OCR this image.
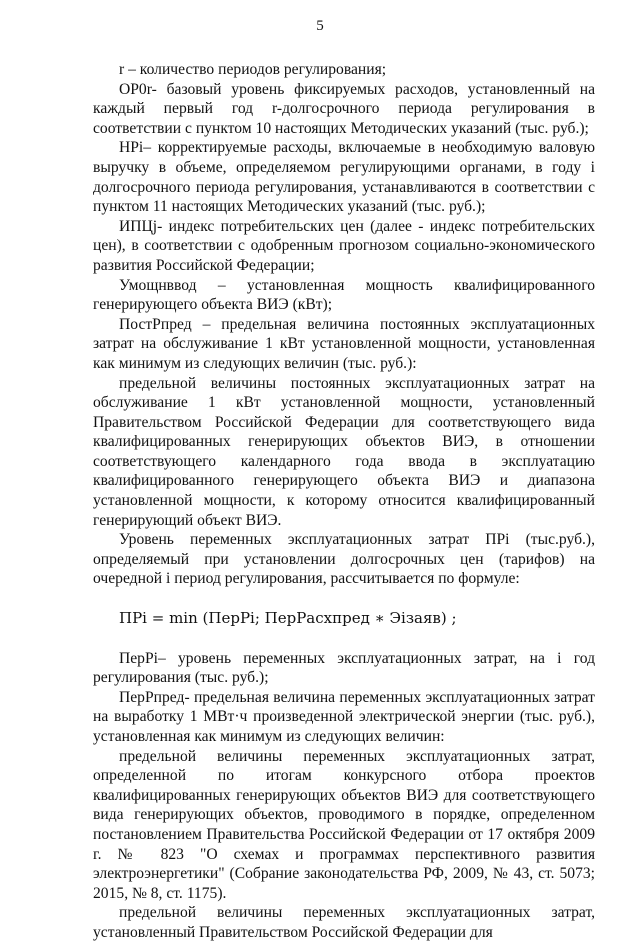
5

r – количество периодов регулирования;

ОР0r- базовый уровень фиксируемых расходов, установленный на каждый первый год r-долгосрочного периода регулирования в соответствии с пунктом 10 настоящих Методических указаний (тыс. руб.);

НРi– корректируемые расходы, включаемые в необходимую валовую выручку в объеме, определяемом регулирующими органами, в году i долгосрочного периода регулирования, устанавливаются в соответствии с пунктом 11 настоящих Методических указаний (тыс. руб.);

ИПЦj- индекс потребительских цен (далее - индекс потребительских цен), в соответствии с одобренным прогнозом социально-экономического развития Российской Федерации;

Умощнввод – установленная мощность квалифицированного генерирующего объекта ВИЭ (кВт);

ПостРпред – предельная величина постоянных эксплуатационных затрат на обслуживание 1 кВт установленной мощности, установленная как минимум из следующих величин (тыс. руб.):

предельной величины постоянных эксплуатационных затрат на обслуживание 1 кВт установленной мощности, установленный Правительством Российской Федерации для соответствующего вида квалифицированных генерирующих объектов ВИЭ, в отношении соответствующего календарного года ввода в эксплуатацию квалифицированного генерирующего объекта ВИЭ и диапазона установленной мощности, к которому относится квалифицированный генерирующий объект ВИЭ.

Уровень переменных эксплуатационных затрат ПРi (тыс.руб.), определяемый при установлении долгосрочных цен (тарифов) на очередной i период регулирования, рассчитывается по формуле:

ПРi = min (ПерРi; ПерРасхпред ∗ Эiзаяв) ;

ПерРi– уровень переменных эксплуатационных затрат, на i год регулирования (тыс. руб.);

ПерРпред- предельная величина переменных эксплуатационных затрат на выработку 1 МВт·ч произведенной электрической энергии (тыс. руб.), установленная как минимум из следующих величин:

предельной величины переменных эксплуатационных затрат, определенной по итогам конкурсного отбора проектов квалифицированных генерирующих объектов ВИЭ для соответствующего вида генерирующих объектов, проводимого в порядке, определенном постановлением Правительства Российской Федерации от 17 октября 2009 г. № 823 "О схемах и программах перспективного развития электроэнергетики" (Собрание законодательства РФ, 2009, № 43, ст. 5073; 2015, № 8, ст. 1175).

предельной величины переменных эксплуатационных затрат, установленный Правительством Российской Федерации для
